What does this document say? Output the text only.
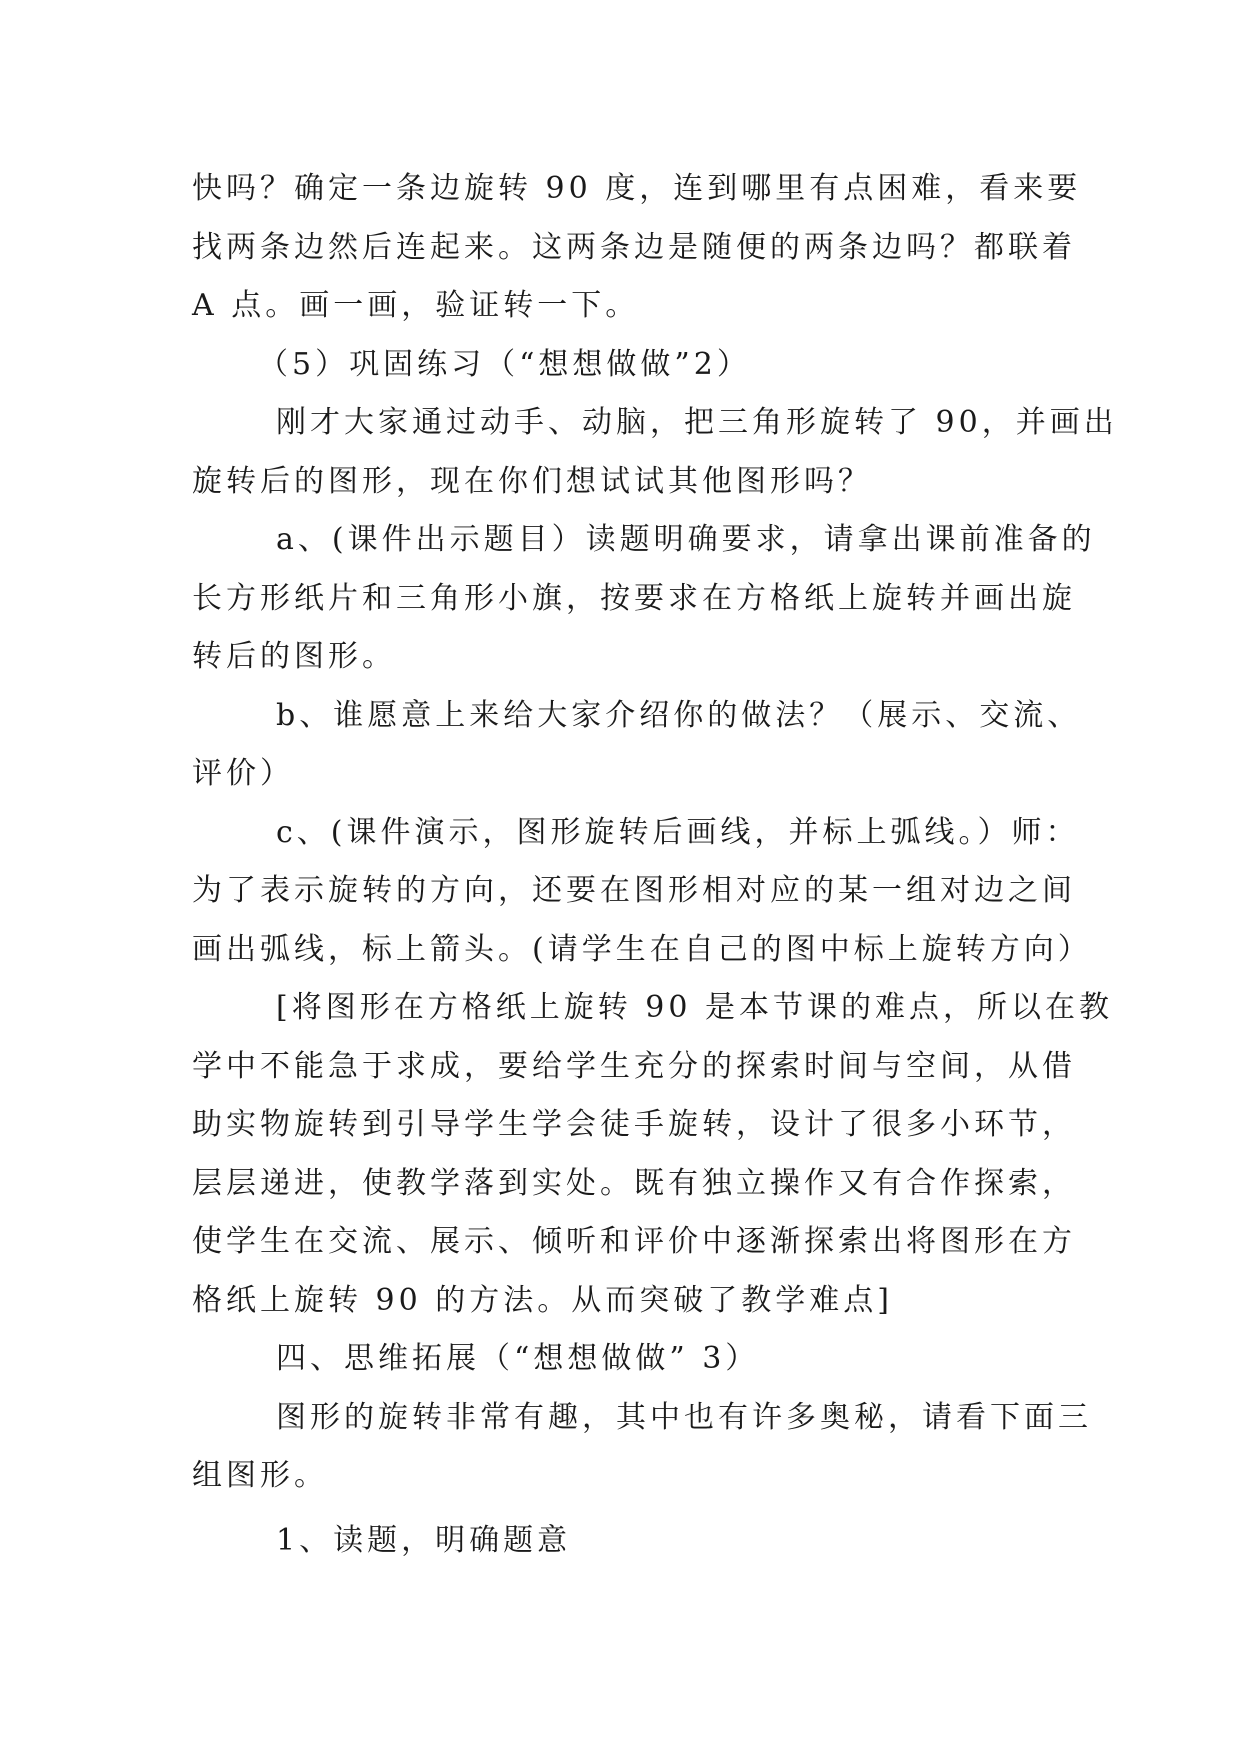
快吗？确定一条边旋转 90 度，连到哪里有点困难，看来要
找两条边然后连起来。这两条边是随便的两条边吗？都联着
A 点。画一画，验证转一下。
（5）巩固练习（“想想做做”2）
刚才大家通过动手、动脑，把三角形旋转了 90，并画出
旋转后的图形，现在你们想试试其他图形吗？
a、(课件出示题目）读题明确要求，请拿出课前准备的
长方形纸片和三角形小旗，按要求在方格纸上旋转并画出旋
转后的图形。
b、谁愿意上来给大家介绍你的做法？（展示、交流、
评价）
c、(课件演示，图形旋转后画线，并标上弧线。）师：
为了表示旋转的方向，还要在图形相对应的某一组对边之间
画出弧线，标上箭头。(请学生在自己的图中标上旋转方向）
[将图形在方格纸上旋转 90 是本节课的难点，所以在教
学中不能急于求成，要给学生充分的探索时间与空间，从借
助实物旋转到引导学生学会徒手旋转，设计了很多小环节，
层层递进，使教学落到实处。既有独立操作又有合作探索，
使学生在交流、展示、倾听和评价中逐渐探索出将图形在方
格纸上旋转 90 的方法。从而突破了教学难点]
四、思维拓展（“想想做做” 3）
图形的旋转非常有趣，其中也有许多奥秘，请看下面三
组图形。
1、读题，明确题意
